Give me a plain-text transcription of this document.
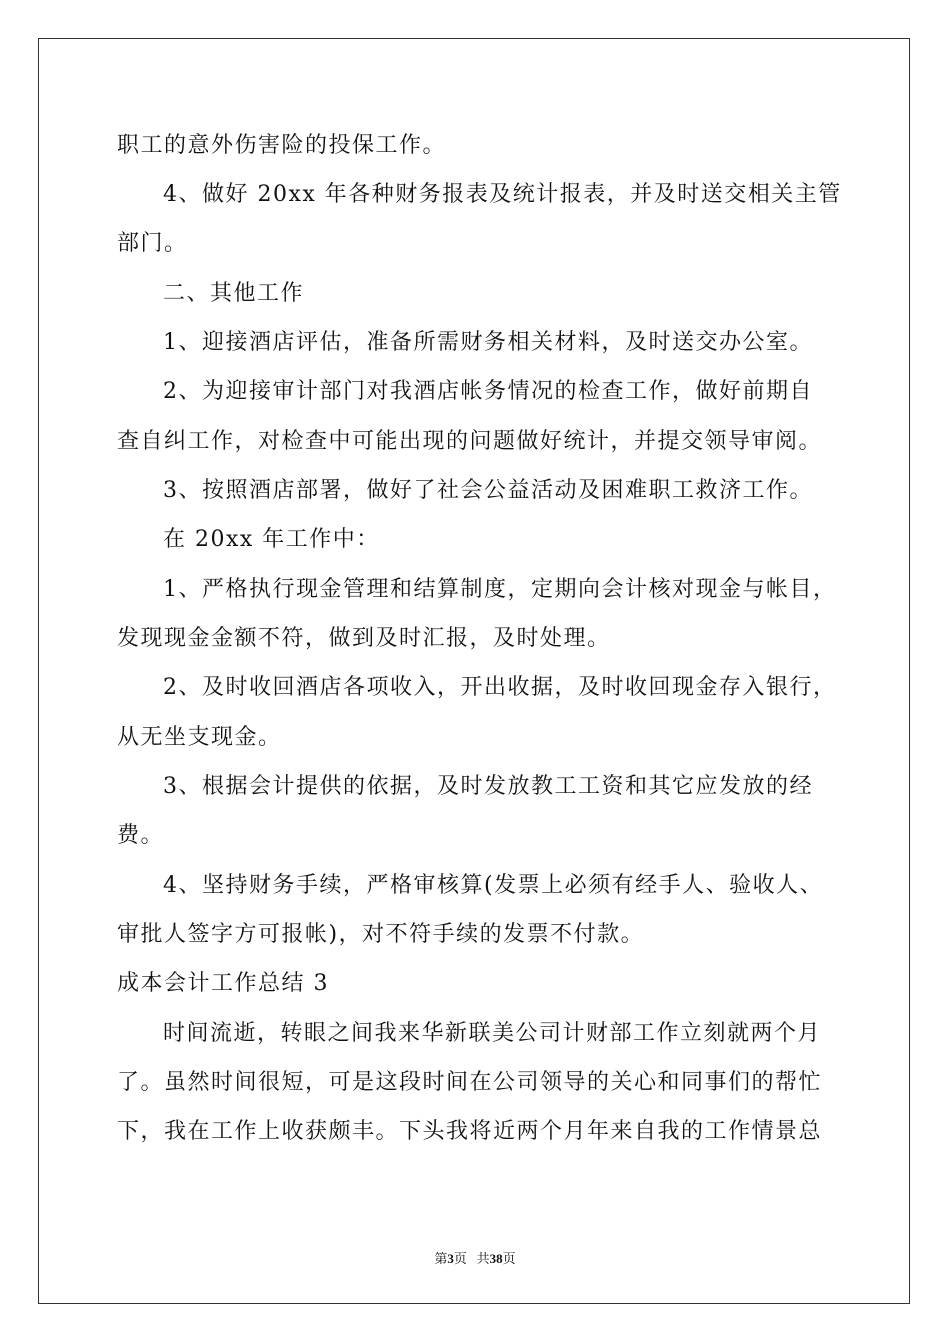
职工的意外伤害险的投保工作。
4、做好 20xx 年各种财务报表及统计报表，并及时送交相关主管
部门。
二、其他工作
1、迎接酒店评估，准备所需财务相关材料，及时送交办公室。
2、为迎接审计部门对我酒店帐务情况的检查工作，做好前期自
查自纠工作，对检查中可能出现的问题做好统计，并提交领导审阅。
3、按照酒店部署，做好了社会公益活动及困难职工救济工作。
在 20xx 年工作中：
1、严格执行现金管理和结算制度，定期向会计核对现金与帐目，
发现现金金额不符，做到及时汇报，及时处理。
2、及时收回酒店各项收入，开出收据，及时收回现金存入银行，
从无坐支现金。
3、根据会计提供的依据，及时发放教工工资和其它应发放的经
费。
4、坚持财务手续，严格审核算(发票上必须有经手人、验收人、
审批人签字方可报帐)，对不符手续的发票不付款。
成本会计工作总结 3
时间流逝，转眼之间我来华新联美公司计财部工作立刻就两个月
了。虽然时间很短，可是这段时间在公司领导的关心和同事们的帮忙
下，我在工作上收获颇丰。下头我将近两个月年来自我的工作情景总
第3页 共38页
